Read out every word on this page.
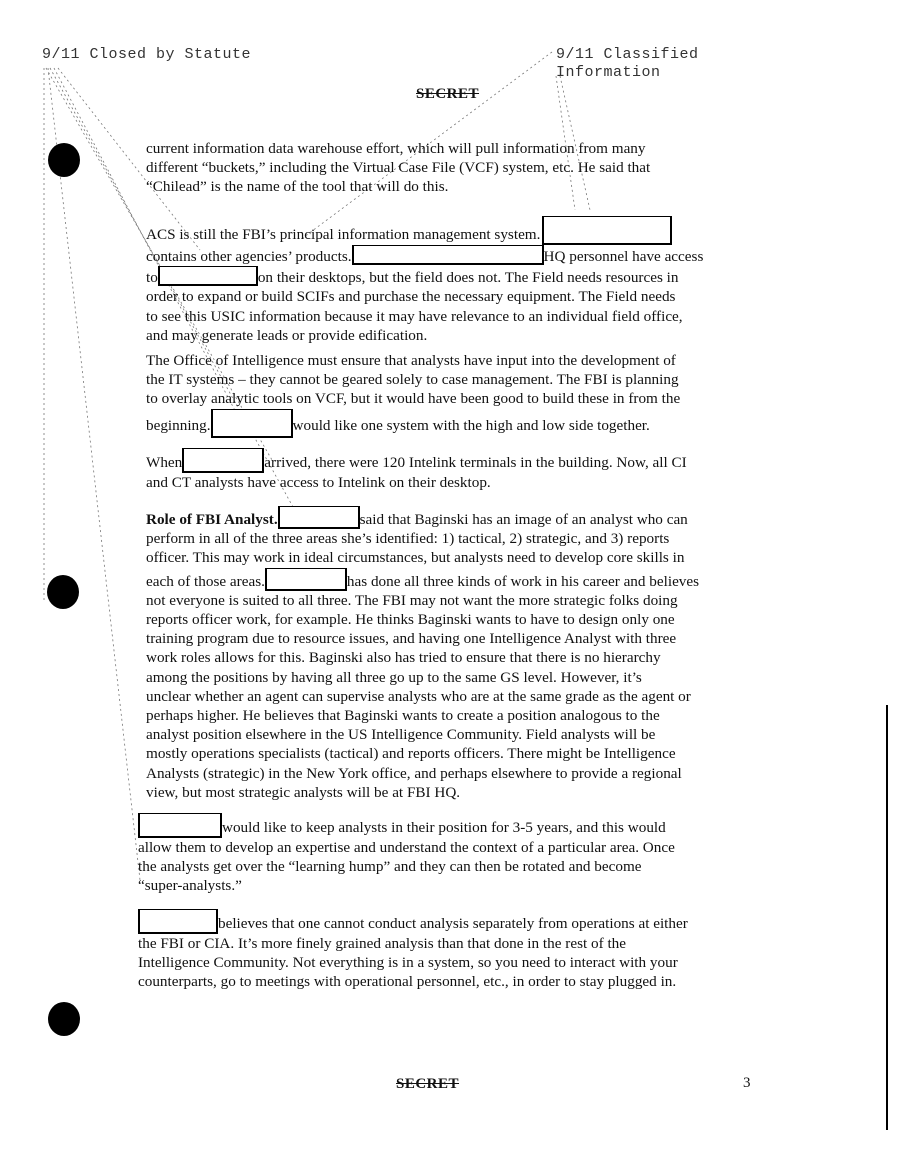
9/11 Closed by Statute	9/11 Classified
Information
SECRET
SECRET

current information data warehouse effort, which will pull information from many

different “buckets,” including the Virtual Case File (VCF) system, etc. He said that

“Chilead” is the name of the tool that will do this.

ACS is still the FBI’s principal information management system.

contains other agencies’ products.	HQ personnel have access

to	on their desktops, but the field does not. The Field needs resources in

order to expand or build SCIFs and purchase the necessary equipment. The Field needs

to see this USIC information because it may have relevance to an individual field office,

and may generate leads or provide edification.

The Office of Intelligence must ensure that analysts have input into the development of

the IT systems – they cannot be geared solely to case management. The FBI is planning

to overlay analytic tools on VCF, but it would have been good to build these in from the

beginning.	would like one system with the high and low side together.

When	arrived, there were 120 Intelink terminals in the building. Now, all CI

and CT analysts have access to Intelink on their desktop.

Role of FBI Analyst.	said that Baginski has an image of an analyst who can

perform in all of the three areas she’s identified: 1) tactical, 2) strategic, and 3) reports

officer. This may work in ideal circumstances, but analysts need to develop core skills in

each of those areas.	has done all three kinds of work in his career and believes

not everyone is suited to all three. The FBI may not want the more strategic folks doing

reports officer work, for example. He thinks Baginski wants to have to design only one

training program due to resource issues, and having one Intelligence Analyst with three

work roles allows for this. Baginski also has tried to ensure that there is no hierarchy

among the positions by having all three go up to the same GS level. However, it’s

unclear whether an agent can supervise analysts who are at the same grade as the agent or

perhaps higher. He believes that Baginski wants to create a position analogous to the

analyst position elsewhere in the US Intelligence Community. Field analysts will be

mostly operations specialists (tactical) and reports officers. There might be Intelligence

Analysts (strategic) in the New York office, and perhaps elsewhere to provide a regional

view, but most strategic analysts will be at FBI HQ.

would like to keep analysts in their position for 3-5 years, and this would

allow them to develop an expertise and understand the context of a particular area. Once

the analysts get over the “learning hump” and they can then be rotated and become

“super-analysts.”

believes that one cannot conduct analysis separately from operations at either

the FBI or CIA. It’s more finely grained analysis than that done in the rest of the

Intelligence Community. Not everything is in a system, so you need to interact with your

counterparts, go to meetings with operational personnel, etc., in order to stay plugged in.

3
